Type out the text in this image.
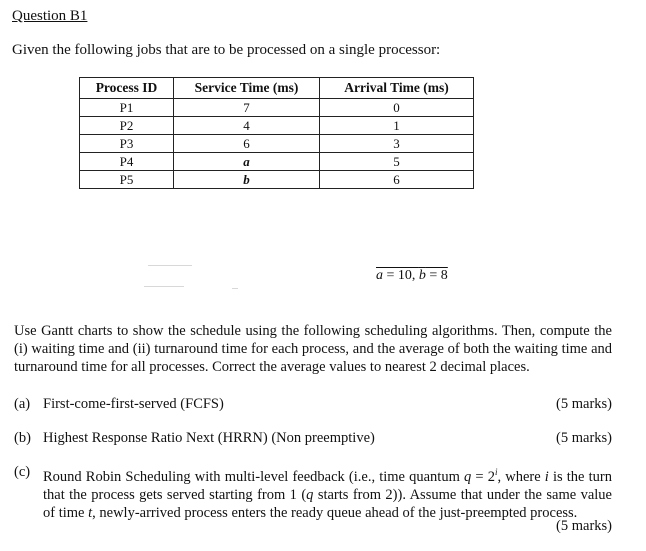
Question B1
Given the following jobs that are to be processed on a single processor:
Process ID	Service Time (ms)	Arrival Time (ms)
P1	7	0
P2	4	1
P3	6	3
P4	a	5
P5	b	6
a = 10, b = 8
Use Gantt charts to show the schedule using the following scheduling algorithms. Then, compute the (i) waiting time and (ii) turnaround time for each process, and the average of both the waiting time and turnaround time for all processes. Correct the average values to nearest 2 decimal places.
(a) First-come-first-served (FCFS)	(5 marks)
(b) Highest Response Ratio Next (HRRN) (Non preemptive)	(5 marks)
(c) Round Robin Scheduling with multi-level feedback (i.e., time quantum $q = 2^i$, where i is the turn that the process gets served starting from 1 (q starts from 2)). Assume that under the same value of time t, newly-arrived process enters the ready queue ahead of the just-preempted process.
(5 marks)
